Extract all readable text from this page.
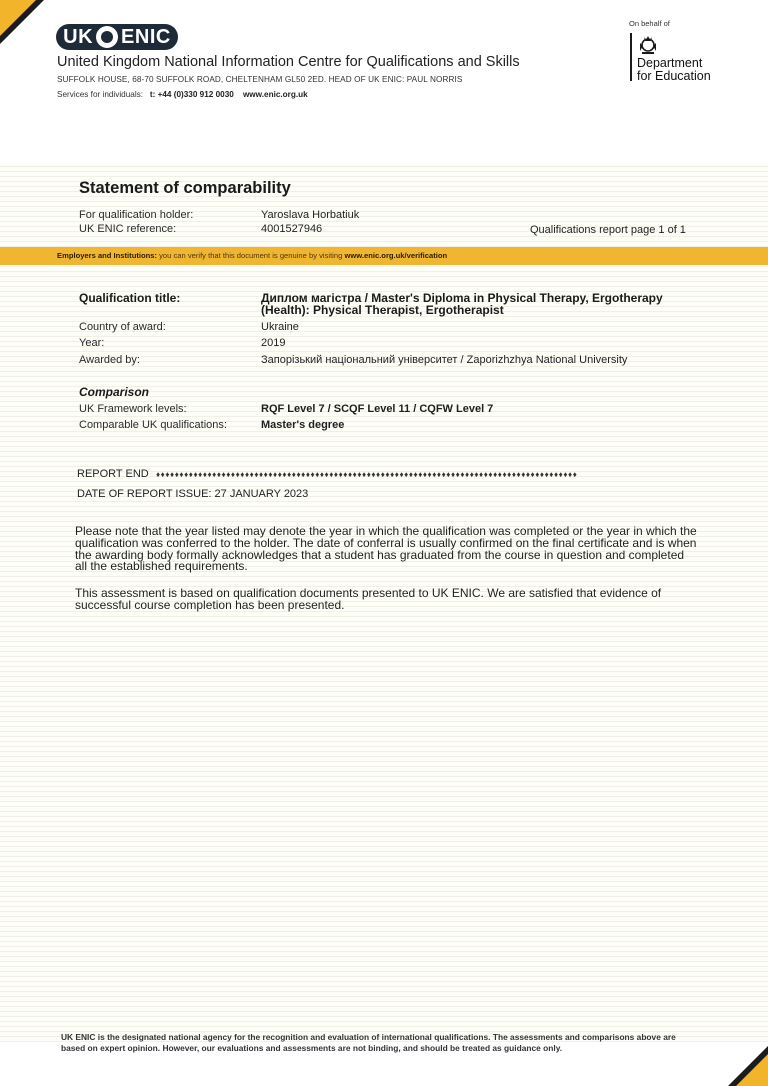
UK ENIC
United Kingdom National Information Centre for Qualifications and Skills
SUFFOLK HOUSE, 68-70 SUFFOLK ROAD, CHELTENHAM GL50 2ED. HEAD OF UK ENIC: PAUL NORRIS
Services for individuals: t: +44 (0)330 912 0030 www.enic.org.uk
On behalf of
Department
for Education
Statement of comparability
For qualification holder:	Yaroslava Horbatiuk
UK ENIC reference:	4001527946	Qualifications report page 1 of 1
Employers and Institutions: you can verify that this document is genuine by visiting www.enic.org.uk/verification
Qualification title:	Диплом магістра / Master's Diploma in Physical Therapy, Ergotherapy (Health): Physical Therapist, Ergotherapist
Country of award:	Ukraine
Year:	2019
Awarded by:	Запорізький національний університет / Zaporizhzhya National University
Comparison
UK Framework levels:	RQF Level 7 / SCQF Level 11 / CQFW Level 7
Comparable UK qualifications:	Master's degree
REPORT END ♦♦♦♦♦♦♦♦♦♦♦♦♦♦♦♦♦♦♦♦♦♦♦♦♦♦♦♦♦♦♦♦♦♦♦♦♦♦♦♦♦♦♦♦♦♦♦♦♦♦♦♦♦♦♦♦♦♦♦♦♦♦♦♦♦♦♦♦♦♦♦♦♦♦♦♦♦♦♦♦♦♦♦♦♦♦♦♦♦♦
DATE OF REPORT ISSUE: 27 JANUARY 2023
Please note that the year listed may denote the year in which the qualification was completed or the year in which the qualification was conferred to the holder. The date of conferral is usually confirmed on the final certificate and is when the awarding body formally acknowledges that a student has graduated from the course in question and completed all the established requirements.
This assessment is based on qualification documents presented to UK ENIC. We are satisfied that evidence of successful course completion has been presented.
UK ENIC is the designated national agency for the recognition and evaluation of international qualifications. The assessments and comparisons above are based on expert opinion. However, our evaluations and assessments are not binding, and should be treated as guidance only.
